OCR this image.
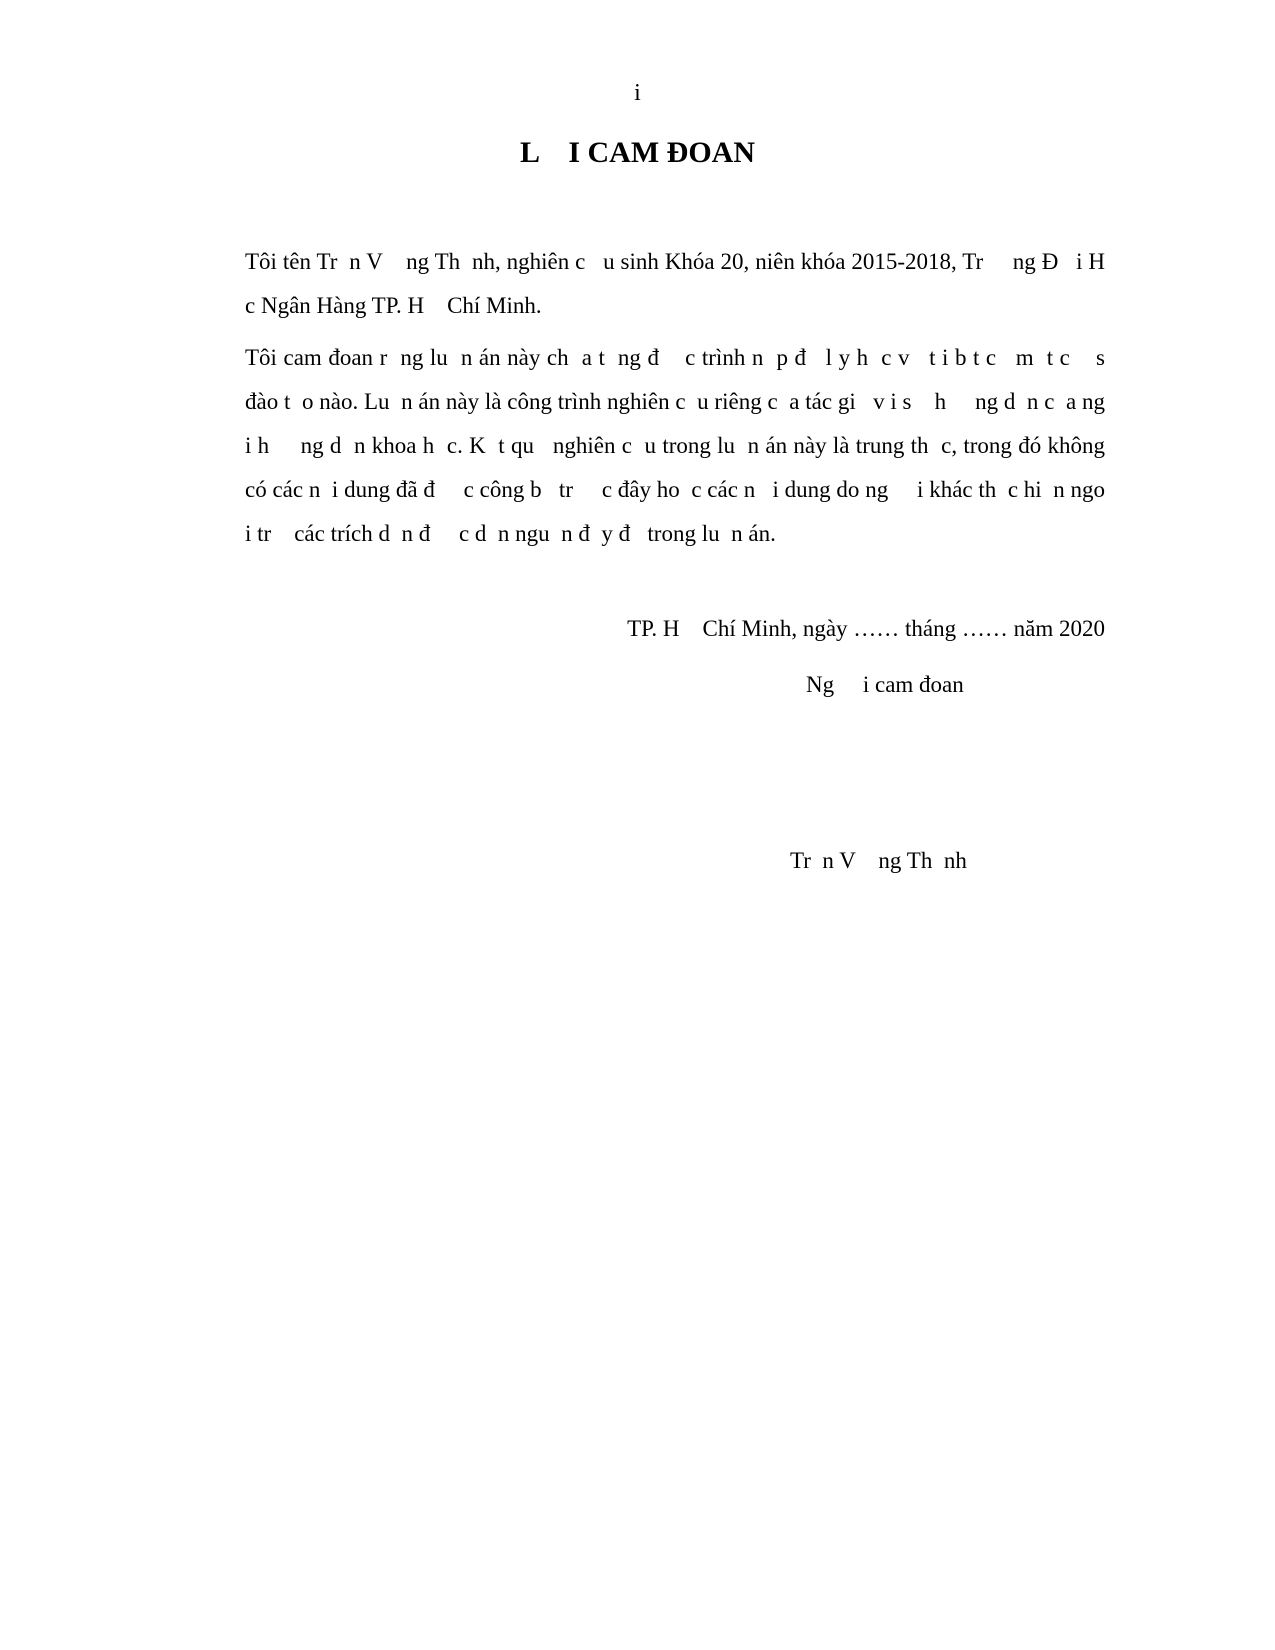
i
L    I CAM ĐOAN

Tôi tên Tr  n V    ng Th  nh, nghiên c   u sinh Khóa 20, niên khóa 2015-2018, Tr     ng Đ   i H   c Ngân Hàng TP. H    Chí Minh.

Tôi cam đoan r  ng lu  n án này ch  a t  ng đ    c trình n  p đ   l y h  c v   t i b t c   m  t c    s    đào t  o nào. Lu  n án này là công trình nghiên c  u riêng c  a tác gi   v i s    h     ng d  n c  a ng     i h     ng d  n khoa h  c. K  t qu   nghiên c  u trong lu  n án này là trung th  c, trong đó không có các n  i dung đã đ     c công b   tr     c đây ho  c các n   i dung do ng     i khác th  c hi  n ngo  i tr    các trích d  n đ     c d  n ngu  n đ  y đ   trong lu  n án.

TP. H    Chí Minh, ngày …… tháng …… năm 2020

Ng     i cam đoan

Tr  n V    ng Th  nh
